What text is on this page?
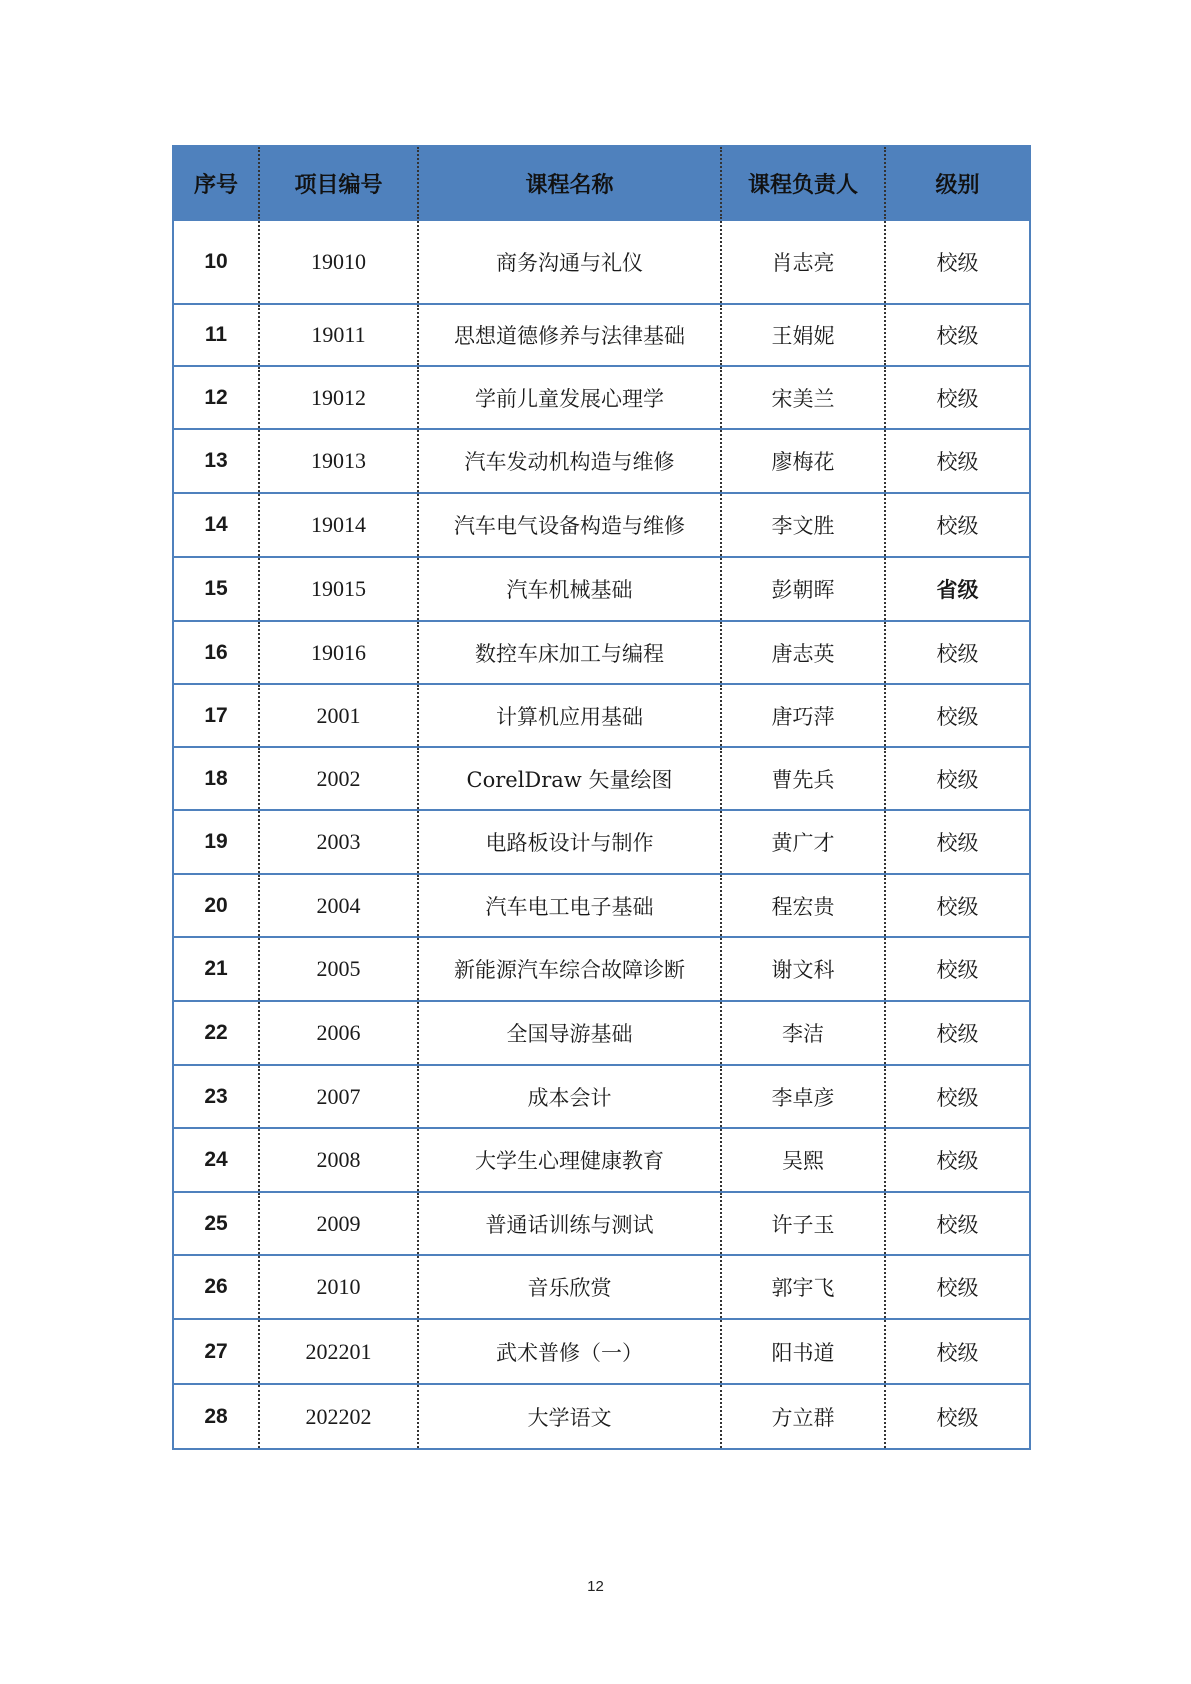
序号	项目编号	课程名称	课程负责人	级别
10	19010	商务沟通与礼仪	肖志亮	校级
11	19011	思想道德修养与法律基础	王娟妮	校级
12	19012	学前儿童发展心理学	宋美兰	校级
13	19013	汽车发动机构造与维修	廖梅花	校级
14	19014	汽车电气设备构造与维修	李文胜	校级
15	19015	汽车机械基础	彭朝晖	省级
16	19016	数控车床加工与编程	唐志英	校级
17	2001	计算机应用基础	唐巧萍	校级
18	2002	CorelDraw 矢量绘图	曹先兵	校级
19	2003	电路板设计与制作	黄广才	校级
20	2004	汽车电工电子基础	程宏贵	校级
21	2005	新能源汽车综合故障诊断	谢文科	校级
22	2006	全国导游基础	李洁	校级
23	2007	成本会计	李卓彦	校级
24	2008	大学生心理健康教育	吴熙	校级
25	2009	普通话训练与测试	许子玉	校级
26	2010	音乐欣赏	郭宇飞	校级
27	202201	武术普修（一）	阳书道	校级
28	202202	大学语文	方立群	校级
12
